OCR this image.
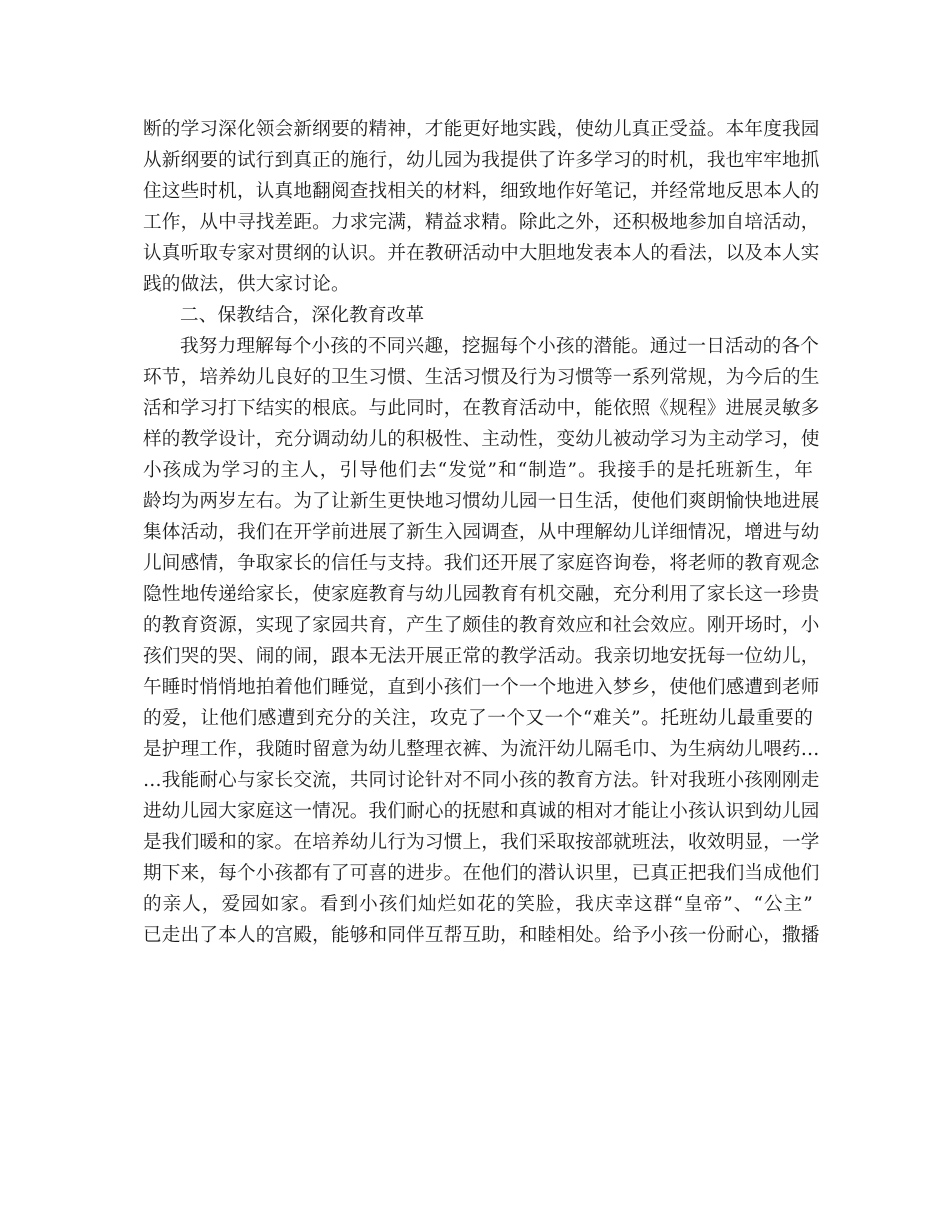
断的学习深化领会新纲要的精神，才能更好地实践，使幼儿真正受益。本年度我园
从新纲要的试行到真正的施行，幼儿园为我提供了许多学习的时机，我也牢牢地抓
住这些时机，认真地翻阅查找相关的材料，细致地作好笔记，并经常地反思本人的
工作，从中寻找差距。力求完满，精益求精。除此之外，还积极地参加自培活动，
认真听取专家对贯纲的认识。并在教研活动中大胆地发表本人的看法，以及本人实
践的做法，供大家讨论。
二、保教结合，深化教育改革
我努力理解每个小孩的不同兴趣，挖掘每个小孩的潜能。通过一日活动的各个
环节，培养幼儿良好的卫生习惯、生活习惯及行为习惯等一系列常规，为今后的生
活和学习打下结实的根底。与此同时，在教育活动中，能依照《规程》进展灵敏多
样的教学设计，充分调动幼儿的积极性、主动性，变幼儿被动学习为主动学习，使
小孩成为学习的主人，引导他们去“发觉”和“制造”。我接手的是托班新生，年
龄均为两岁左右。为了让新生更快地习惯幼儿园一日生活，使他们爽朗愉快地进展
集体活动，我们在开学前进展了新生入园调查，从中理解幼儿详细情况，增进与幼
儿间感情，争取家长的信任与支持。我们还开展了家庭咨询卷，将老师的教育观念
隐性地传递给家长，使家庭教育与幼儿园教育有机交融，充分利用了家长这一珍贵
的教育资源，实现了家园共育，产生了颇佳的教育效应和社会效应。刚开场时，小
孩们哭的哭、闹的闹，跟本无法开展正常的教学活动。我亲切地安抚每一位幼儿，
午睡时悄悄地拍着他们睡觉，直到小孩们一个一个地进入梦乡，使他们感遭到老师
的爱，让他们感遭到充分的关注，攻克了一个又一个“难关”。托班幼儿最重要的
是护理工作，我随时留意为幼儿整理衣裤、为流汗幼儿隔毛巾、为生病幼儿喂药…
…我能耐心与家长交流，共同讨论针对不同小孩的教育方法。针对我班小孩刚刚走
进幼儿园大家庭这一情况。我们耐心的抚慰和真诚的相对才能让小孩认识到幼儿园
是我们暖和的家。在培养幼儿行为习惯上，我们采取按部就班法，收效明显，一学
期下来，每个小孩都有了可喜的进步。在他们的潜认识里，已真正把我们当成他们
的亲人，爱园如家。看到小孩们灿烂如花的笑脸，我庆幸这群“皇帝”、“公主”
已走出了本人的宫殿，能够和同伴互帮互助，和睦相处。给予小孩一份耐心，撒播
